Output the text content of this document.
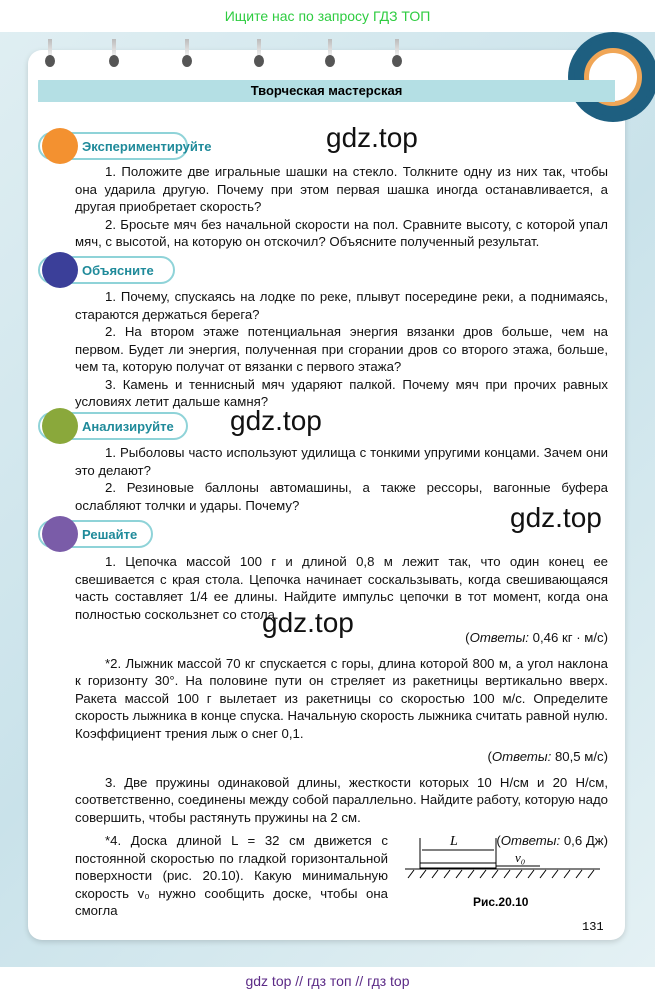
Ищите нас по запросу ГДЗ ТОП
Творческая мастерская
Экспериментируйте	gdz.top

1. Положите две игральные шашки на стекло. Толкните одну из них так, чтобы она ударила другую. Почему при этом первая шашка иногда останавливается, а другая приобретает скорость?

2. Бросьте мяч без начальной скорости на пол. Сравните высоту, с которой упал мяч, с высотой, на которую он отскочил? Объясните полученный результат.

Объясните

1. Почему, спускаясь на лодке по реке, плывут посередине реки, а поднимаясь, стараются держаться берега?

2. На втором этаже потенциальная энергия вязанки дров больше, чем на первом. Будет ли энергия, полученная при сгорании дров со второго этажа, больше, чем та, которую получат от вязанки с первого этажа?

3. Камень и теннисный мяч ударяют палкой. Почему мяч при прочих равных условиях летит дальше камня?

Анализируйте gdz.top

1. Рыболовы часто используют удилища с тонкими упругими концами. Зачем они это делают?

2. Резиновые баллоны автомашины, а также рессоры, вагонные буфера ослабляют толчки и удары. Почему?	gdz.top
Решайте

1. Цепочка массой 100 г и длиной 0,8 м лежит так, что один конец ее свешивается с края стола. Цепочка начинает соскальзывать, когда свешивающаяся часть составляет 1/4 ее длины. Найдите импульс цепочки в тот момент, когда она полностью соскользнет со стола.

(Ответы: 0,46 кг · м/с)

*2. Лыжник массой 70 кг спускается с горы, длина которой 800 м, а угол наклона к горизонту 30°. На половине пути он стреляет из ракетницы вертикально вверх. Ракета массой 100 г вылетает из ракетницы со скоростью 100 м/с. Определите скорость лыжника в конце спуска. Начальную скорость лыжника считать равной нулю. Коэффициент трения лыж о снег 0,1.

(Ответы: 80,5 м/с)

3. Две пружины одинаковой длины, жесткости которых 10 Н/см и 20 Н/см, соответственно, соединены между собой параллельно. Найдите работу, которую надо совершить, чтобы растянуть пружины на 2 см.

(Ответы: 0,6 Дж)

gdz.top

*4. Доска длиной L = 32 см движется с постоянной скоростью по гладкой горизонтальной поверхности (рис. 20.10). Какую минимальную скорость v₀ нужно сообщить доске, чтобы она смогла

L
v₀
Рис.20.10
131
gdz top // гдз топ // гдз top
